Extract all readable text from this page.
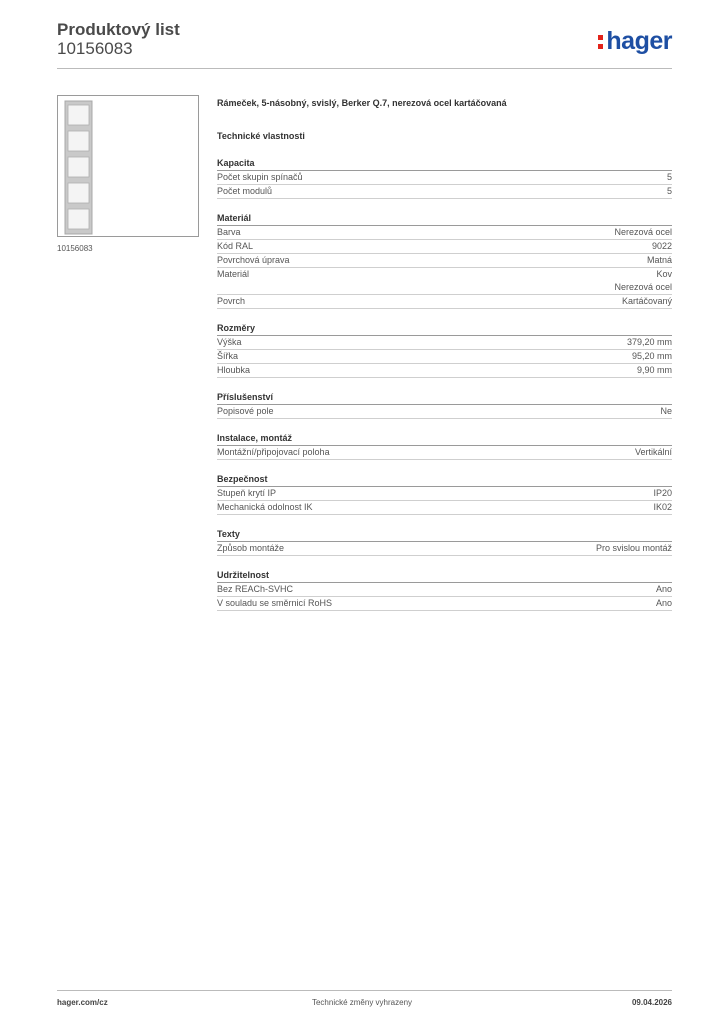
Produktový list
10156083	hager
10156083
Rámeček, 5-násobný, svislý, Berker Q.7, nerezová ocel kartáčovaná
Technické vlastnosti
Kapacita
Počet skupin spínačů	5
Počet modulů	5
Materiál
Barva	Nerezová ocel
Kód RAL	9022
Povrchová úprava	Matná
Materiál	Kov
Nerezová ocel
Povrch	Kartáčovaný
Rozměry
Výška	379,20 mm
Šířka	95,20 mm
Hloubka	9,90 mm
Příslušenství
Popisové pole	Ne
Instalace, montáž
Montážní/připojovací poloha	Vertikální
Bezpečnost
Stupeň krytí IP	IP20
Mechanická odolnost IK	IK02
Texty
Způsob montáže	Pro svislou montáž
Udržitelnost
Bez REACh-SVHC	Ano
V souladu se směrnicí RoHS	Ano
hager.com/cz	Technické změny vyhrazeny	09.04.2026
